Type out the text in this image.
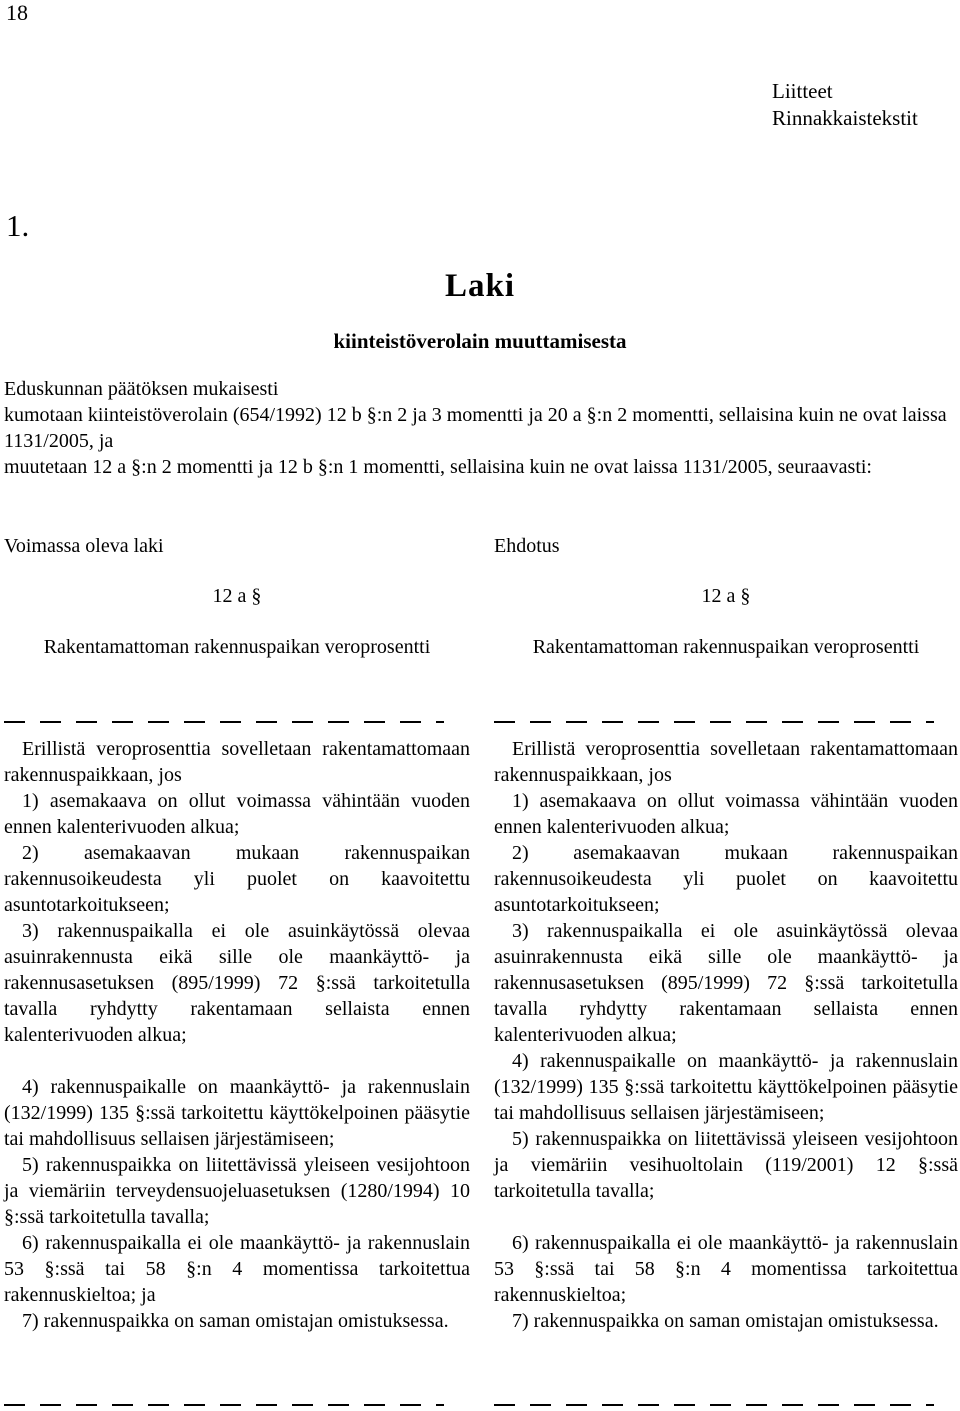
18
Liitteet
Rinnakkaistekstit
1.
Laki
kiinteistöverolain muuttamisesta

Eduskunnan päätöksen mukaisesti

kumotaan kiinteistöverolain (654/1992) 12 b §:n 2 ja 3 momentti ja 20 a §:n 2 momentti, sellaisina kuin ne ovat laissa 1131/2005, ja

muutetaan 12 a §:n 2 momentti ja 12 b §:n 1 momentti, sellaisina kuin ne ovat laissa 1131/2005, seuraavasti:

Voimassa oleva laki
12 a §
Rakentamattoman rakennuspaikan veroprosentti

Erillistä veroprosenttia sovelletaan rakentamattomaan rakennuspaikkaan, jos

1) asemakaava on ollut voimassa vähintään vuoden ennen kalenterivuoden alkua;

2) asemakaavan mukaan rakennuspaikan rakennusoikeudesta yli puolet on kaavoitettu asuntotarkoitukseen;

3) rakennuspaikalla ei ole asuinkäytössä olevaa asuinrakennusta eikä sille ole maankäyttö- ja rakennusasetuksen (895/1999) 72 §:ssä tarkoitetulla tavalla ryhdytty rakentamaan sellaista ennen kalenterivuoden alkua;

4) rakennuspaikalle on maankäyttö- ja rakennuslain (132/1999) 135 §:ssä tarkoitettu käyttökelpoinen pääsytie tai mahdollisuus sellaisen järjestämiseen;

5) rakennuspaikka on liitettävissä yleiseen vesijohtoon ja viemäriin terveydensuojeluasetuksen (1280/1994) 10 §:ssä tarkoitetulla tavalla;

6) rakennuspaikalla ei ole maankäyttö- ja rakennuslain 53 §:ssä tai 58 §:n 4 momentissa tarkoitettua rakennuskieltoa; ja

7) rakennuspaikka on saman omistajan omistuksessa.

Ehdotus
12 a §
Rakentamattoman rakennuspaikan veroprosentti

Erillistä veroprosenttia sovelletaan rakentamattomaan rakennuspaikkaan, jos

1) asemakaava on ollut voimassa vähintään vuoden ennen kalenterivuoden alkua;

2) asemakaavan mukaan rakennuspaikan rakennusoikeudesta yli puolet on kaavoitettu asuntotarkoitukseen;

3) rakennuspaikalla ei ole asuinkäytössä olevaa asuinrakennusta eikä sille ole maankäyttö- ja rakennusasetuksen (895/1999) 72 §:ssä tarkoitetulla tavalla ryhdytty rakentamaan sellaista ennen kalenterivuoden alkua;

4) rakennuspaikalle on maankäyttö- ja rakennuslain (132/1999) 135 §:ssä tarkoitettu käyttökelpoinen pääsytie tai mahdollisuus sellaisen järjestämiseen;

5) rakennuspaikka on liitettävissä yleiseen vesijohtoon ja viemäriin vesihuoltolain (119/2001) 12 §:ssä tarkoitetulla tavalla;

6) rakennuspaikalla ei ole maankäyttö- ja rakennuslain 53 §:ssä tai 58 §:n 4 momentissa tarkoitettua rakennuskieltoa;

7) rakennuspaikka on saman omistajan omistuksessa.
